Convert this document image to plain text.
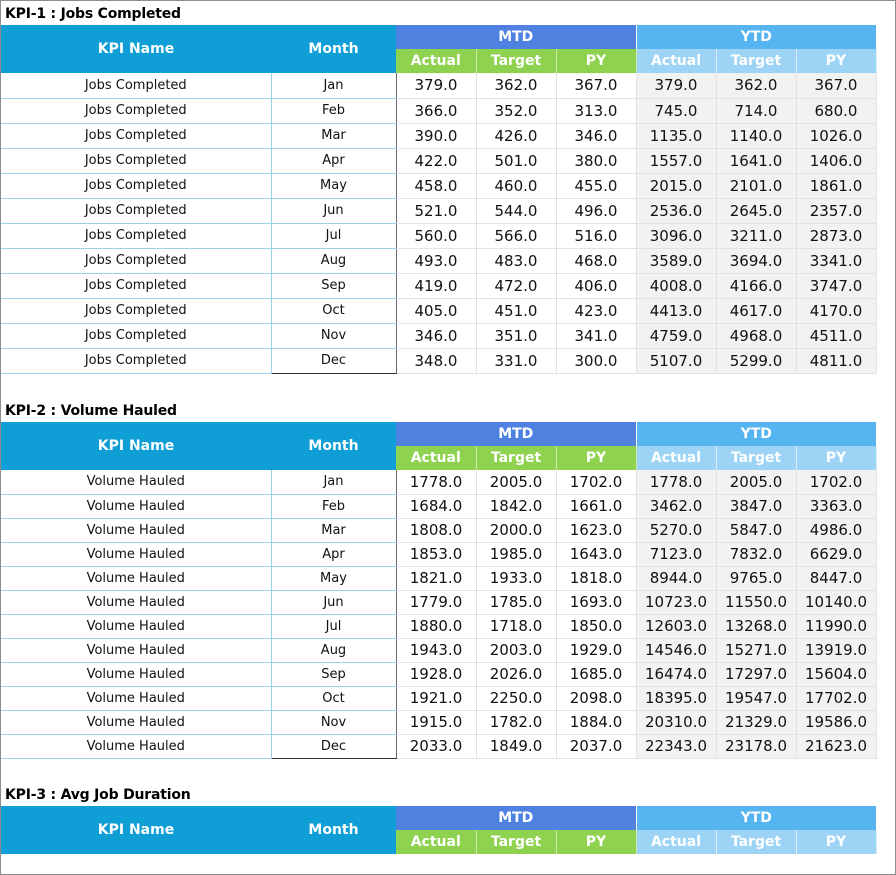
KPI-1 : Jobs Completed
KPI Name	Month	MTD			YTD		
		Actual	Target	PY	Actual	Target	PY
Jobs Completed	Jan	379.0	362.0	367.0	379.0	362.0	367.0
Jobs Completed	Feb	366.0	352.0	313.0	745.0	714.0	680.0
Jobs Completed	Mar	390.0	426.0	346.0	1135.0	1140.0	1026.0
Jobs Completed	Apr	422.0	501.0	380.0	1557.0	1641.0	1406.0
Jobs Completed	May	458.0	460.0	455.0	2015.0	2101.0	1861.0
Jobs Completed	Jun	521.0	544.0	496.0	2536.0	2645.0	2357.0
Jobs Completed	Jul	560.0	566.0	516.0	3096.0	3211.0	2873.0
Jobs Completed	Aug	493.0	483.0	468.0	3589.0	3694.0	3341.0
Jobs Completed	Sep	419.0	472.0	406.0	4008.0	4166.0	3747.0
Jobs Completed	Oct	405.0	451.0	423.0	4413.0	4617.0	4170.0
Jobs Completed	Nov	346.0	351.0	341.0	4759.0	4968.0	4511.0
Jobs Completed	Dec	348.0	331.0	300.0	5107.0	5299.0	4811.0
KPI-2 : Volume Hauled
KPI Name	Month	MTD			YTD		
		Actual	Target	PY	Actual	Target	PY
Volume Hauled	Jan	1778.0	2005.0	1702.0	1778.0	2005.0	1702.0
Volume Hauled	Feb	1684.0	1842.0	1661.0	3462.0	3847.0	3363.0
Volume Hauled	Mar	1808.0	2000.0	1623.0	5270.0	5847.0	4986.0
Volume Hauled	Apr	1853.0	1985.0	1643.0	7123.0	7832.0	6629.0
Volume Hauled	May	1821.0	1933.0	1818.0	8944.0	9765.0	8447.0
Volume Hauled	Jun	1779.0	1785.0	1693.0	10723.0	11550.0	10140.0
Volume Hauled	Jul	1880.0	1718.0	1850.0	12603.0	13268.0	11990.0
Volume Hauled	Aug	1943.0	2003.0	1929.0	14546.0	15271.0	13919.0
Volume Hauled	Sep	1928.0	2026.0	1685.0	16474.0	17297.0	15604.0
Volume Hauled	Oct	1921.0	2250.0	2098.0	18395.0	19547.0	17702.0
Volume Hauled	Nov	1915.0	1782.0	1884.0	20310.0	21329.0	19586.0
Volume Hauled	Dec	2033.0	1849.0	2037.0	22343.0	23178.0	21623.0
KPI-3 : Avg Job Duration
KPI Name	Month	MTD			YTD		
		Actual	Target	PY	Actual	Target	PY
